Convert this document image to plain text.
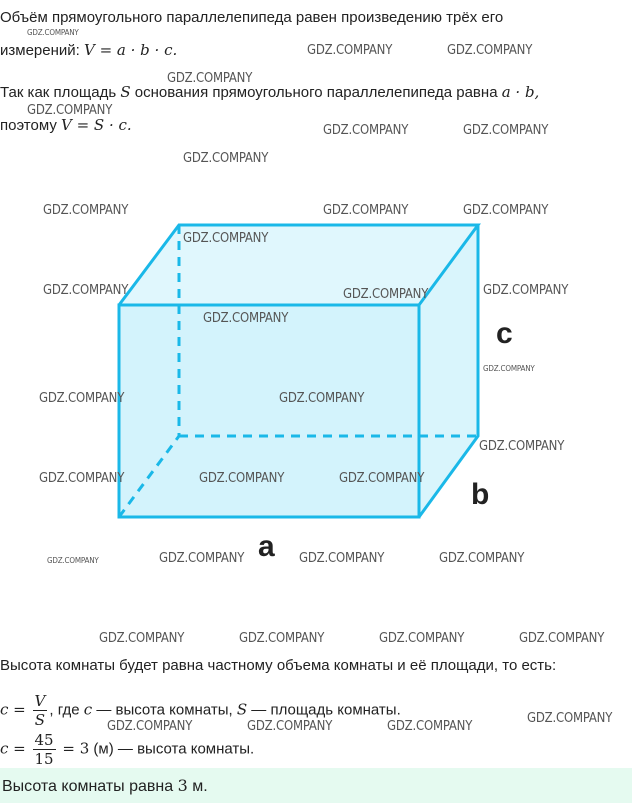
Объём прямоугольного параллелепипеда равен произведению трёх его
измерений: V = a · b · c.
Так как площадь S основания прямоугольного параллелепипеда равна a · b,
поэтому V = S · c.
c
b
a
Высота комнаты будет равна частному объема комнаты и её площади, то есть:
$c = \frac{V}{S}$ , где c — высота комнаты, S — площадь комнаты.
$c = \frac{45}{15} = 3$ (м) — высота комнаты.
Высота комнаты равна 3 м.
GDZ.COMPANY
GDZ.COMPANY	GDZ.COMPANY
GDZ.COMPANY
GDZ.COMPANY
GDZ.COMPANY	GDZ.COMPANY
GDZ.COMPANY
GDZ.COMPANY	GDZ.COMPANY	GDZ.COMPANY
GDZ.COMPANY
GDZ.COMPANY	GDZ.COMPANY	GDZ.COMPANY
GDZ.COMPANY
GDZ.COMPANY
GDZ.COMPANY	GDZ.COMPANY
GDZ.COMPANY
GDZ.COMPANY	GDZ.COMPANY	GDZ.COMPANY
GDZ.COMPANY	GDZ.COMPANY	GDZ.COMPANY	GDZ.COMPANY
GDZ.COMPANY	GDZ.COMPANY	GDZ.COMPANY	GDZ.COMPANY
GDZ.COMPANY
GDZ.COMPANY	GDZ.COMPANY	GDZ.COMPANY
